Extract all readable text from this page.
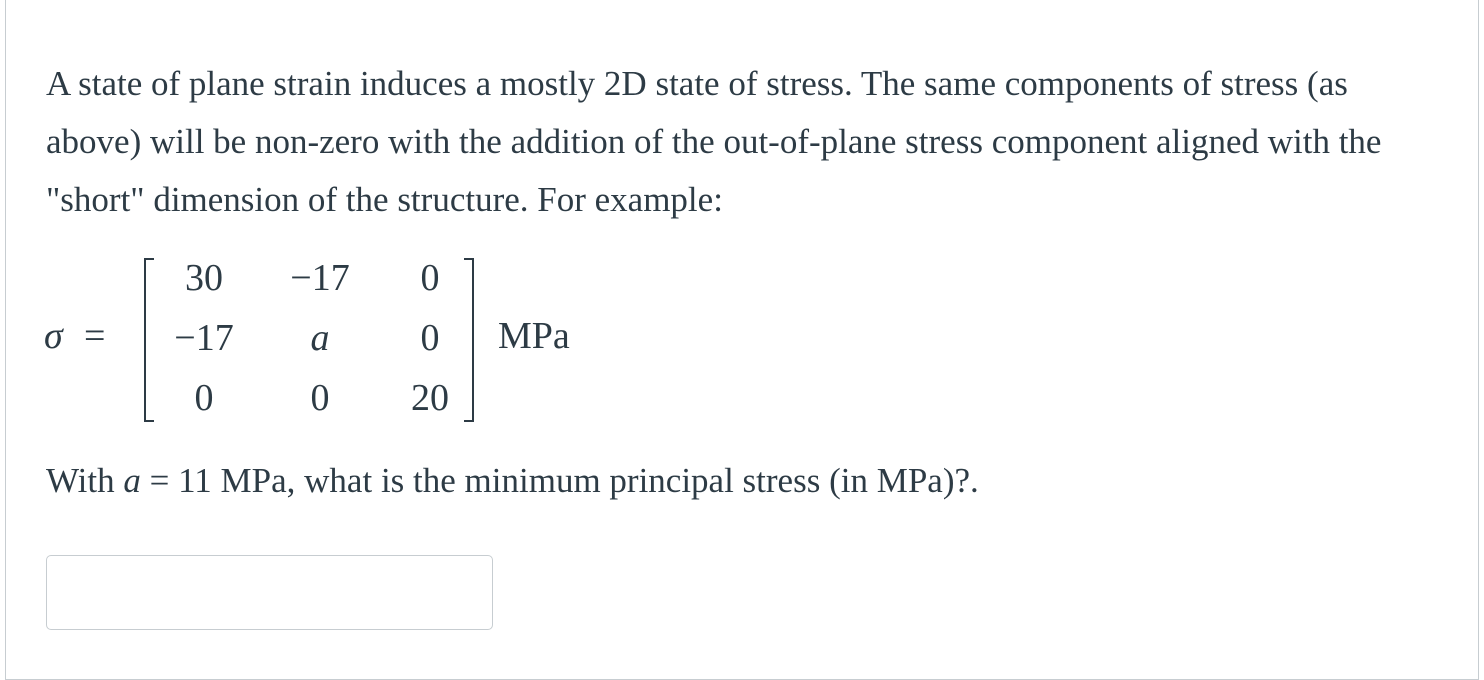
A state of plane strain induces a mostly 2D state of stress. The same components of stress (as above) will be non-zero with the addition of the out-of-plane stress component aligned with the "short" dimension of the structure. For example:
σ =
30	−17	0
−17	a	0
0	0	20
MPa
With a = 11 MPa, what is the minimum principal stress (in MPa)?.
